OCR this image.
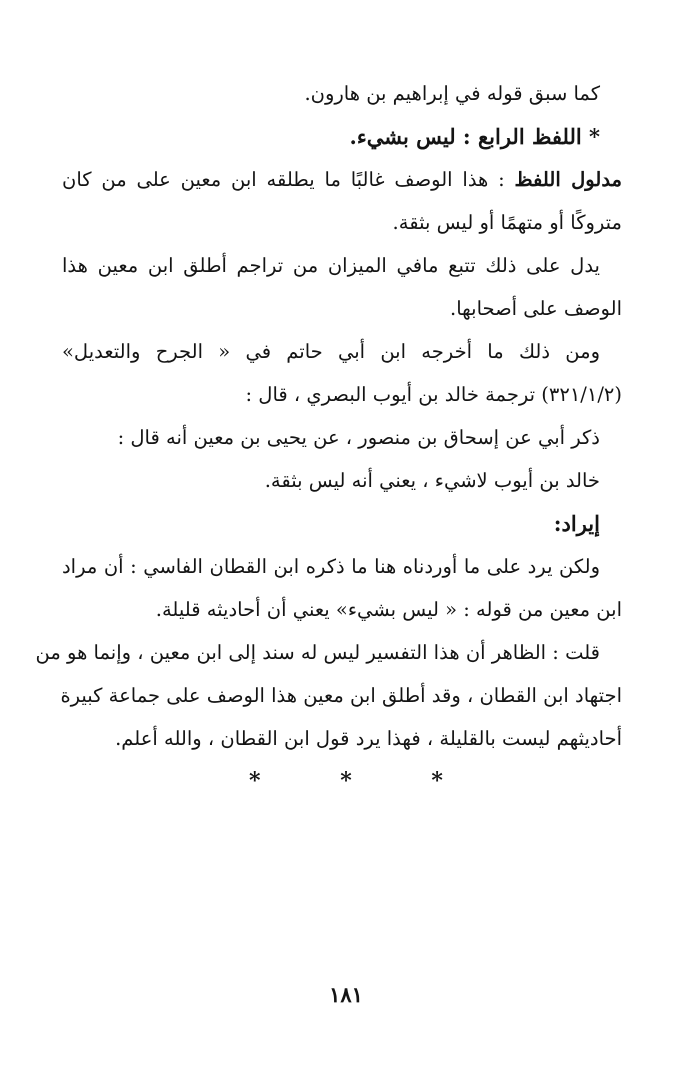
كما سبق قوله في إبراهيم بن هارون.
* اللفظ الرابع : ليس بشيء.
مدلول اللفظ : هذا الوصف غالبًا ما يطلقه ابن معين على من كان
متروكًا أو متهمًا أو ليس بثقة.
يدل على ذلك تتبع مافي الميزان من تراجم أطلق ابن معين هذا
الوصف على أصحابها.
ومن ذلك ما أخرجه ابن أبي حاتم في « الجرح والتعديل»
(٣٢١/١/٢) ترجمة خالد بن أيوب البصري ، قال :
ذكر أبي عن إسحاق بن منصور ، عن يحيى بن معين أنه قال :
خالد بن أيوب لاشيء ، يعني أنه ليس بثقة.
إيراد:
ولكن يرد على ما أوردناه هنا ما ذكره ابن القطان الفاسي : أن مراد
ابن معين من قوله : « ليس بشيء» يعني أن أحاديثه قليلة.
قلت : الظاهر أن هذا التفسير ليس له سند إلى ابن معين ، وإنما هو من
اجتهاد ابن القطان ، وقد أطلق ابن معين هذا الوصف على جماعة كبيرة
أحاديثهم ليست بالقليلة ، فهذا يرد قول ابن القطان ، والله أعلم.
* * *
١٨١
